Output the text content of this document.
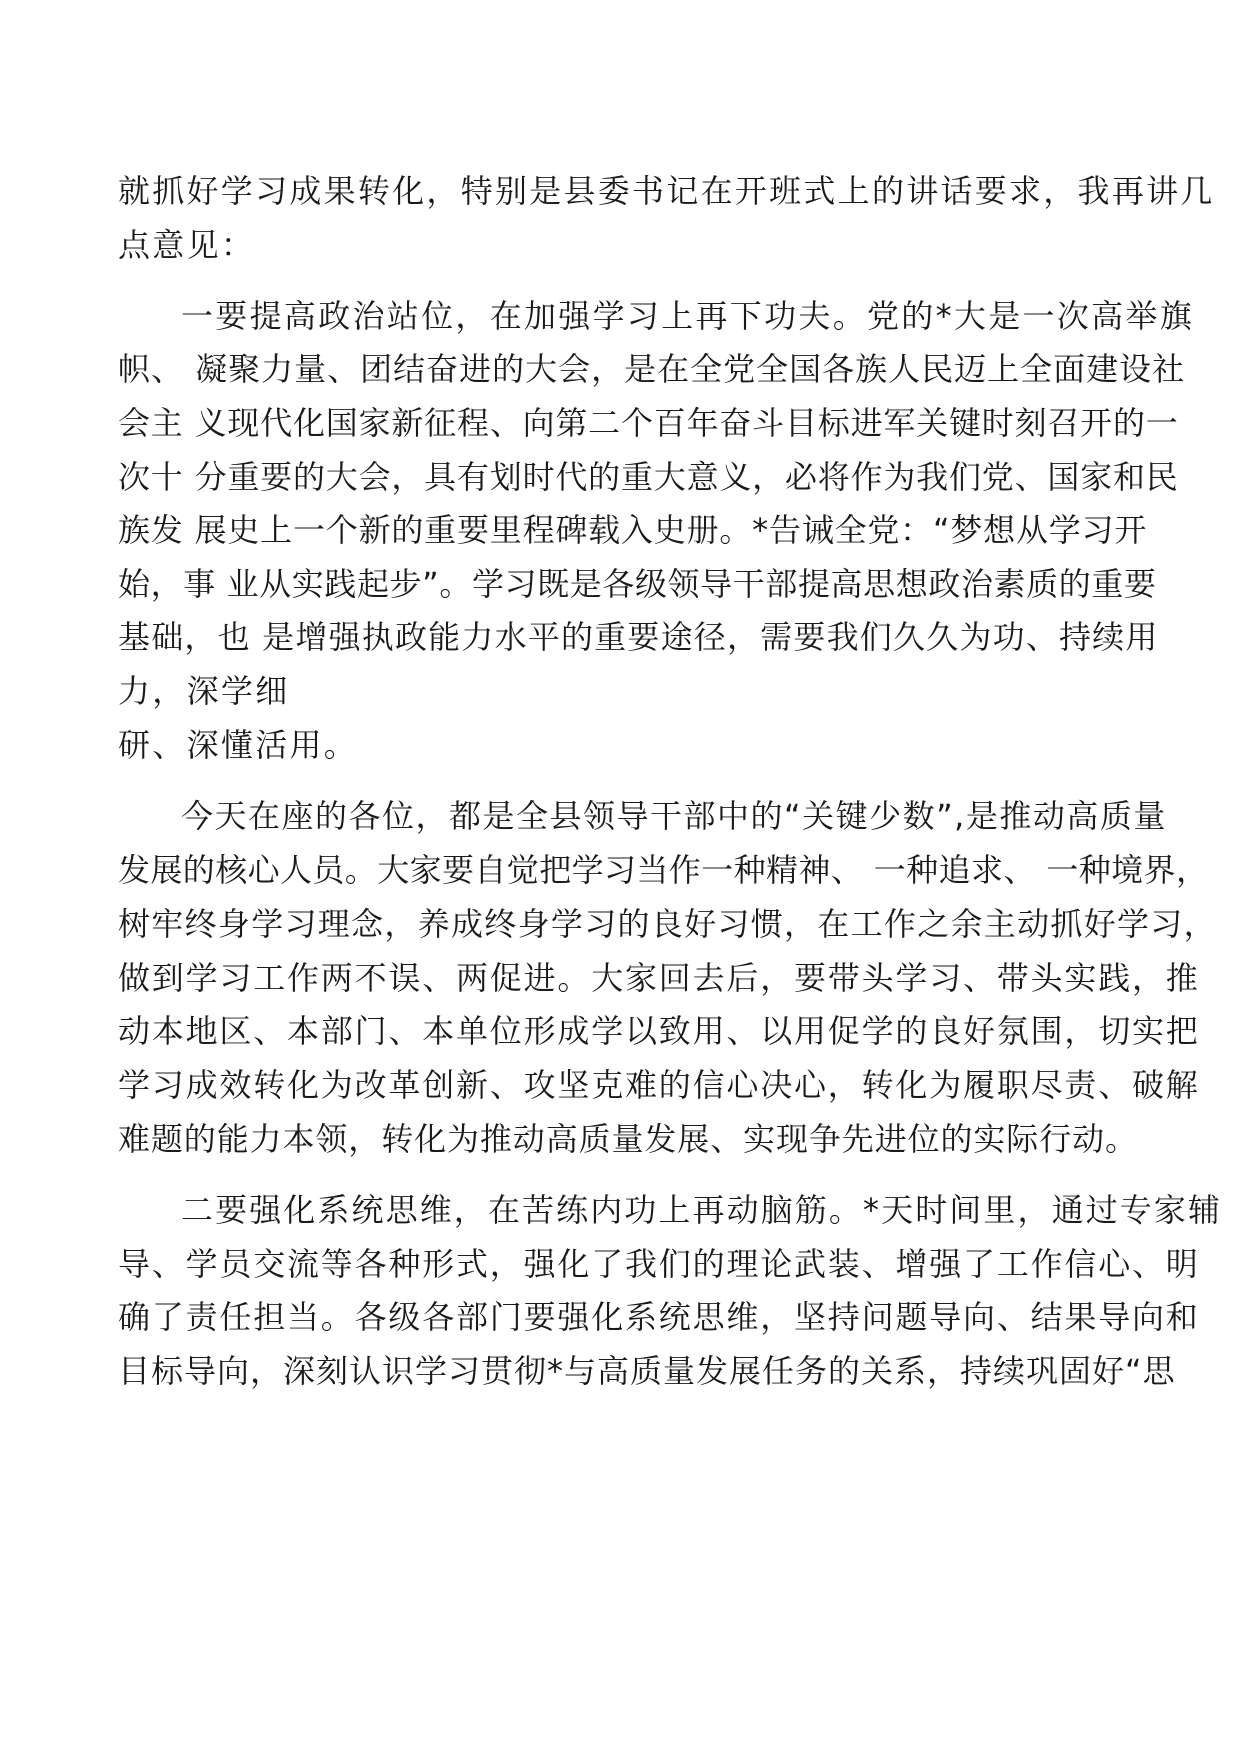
就抓好学习成果转化，特别是县委书记在开班式上的讲话要求，我再讲几

点意见：

一要提高政治站位，在加强学习上再下功夫。党的*大是一次高举旗

帜、 凝聚力量、团结奋进的大会，是在全党全国各族人民迈上全面建设社

会主 义现代化国家新征程、向第二个百年奋斗目标进军关键时刻召开的一

次十 分重要的大会，具有划时代的重大意义，必将作为我们党、国家和民

族发 展史上一个新的重要里程碑载入史册。*告诫全党：“梦想从学习开

始，事 业从实践起步”。学习既是各级领导干部提高思想政治素质的重要

基础，也 是增强执政能力水平的重要途径，需要我们久久为功、持续用

力，深学细

研、深懂活用。

今天在座的各位，都是全县领导干部中的“关键少数”,是推动高质量

发展的核心人员。大家要自觉把学习当作一种精神、 一种追求、 一种境界，

树牢终身学习理念，养成终身学习的良好习惯，在工作之余主动抓好学习，

做到学习工作两不误、两促进。大家回去后，要带头学习、带头实践，推

动本地区、本部门、本单位形成学以致用、以用促学的良好氛围，切实把

学习成效转化为改革创新、攻坚克难的信心决心，转化为履职尽责、破解

难题的能力本领，转化为推动高质量发展、实现争先进位的实际行动。

二要强化系统思维，在苦练内功上再动脑筋。*天时间里，通过专家辅

导、学员交流等各种形式，强化了我们的理论武装、增强了工作信心、明

确了责任担当。各级各部门要强化系统思维，坚持问题导向、结果导向和

目标导向，深刻认识学习贯彻*与高质量发展任务的关系，持续巩固好“思
